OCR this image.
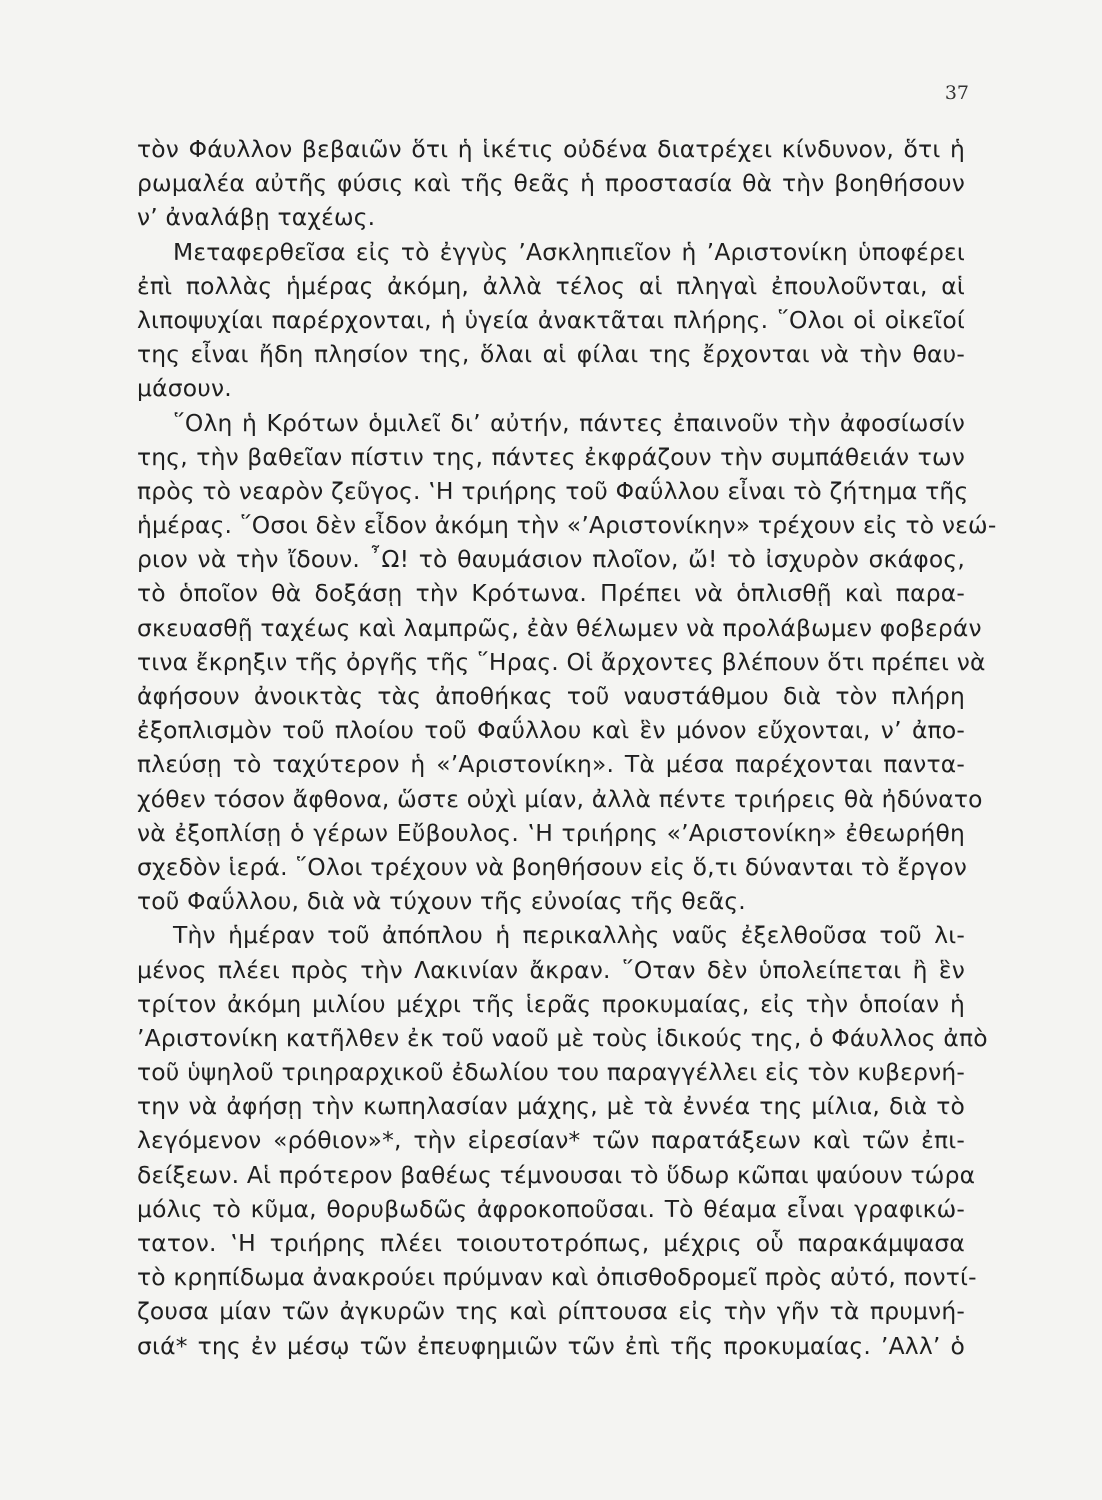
37
τὸν Φάυλλον βεβαιῶν ὅτι ἡ ἱκέτις οὐδένα διατρέχει κίνδυνον, ὅτι ἡ
ρωμαλέα αὐτῆς φύσις καὶ τῆς θεᾶς ἡ προστασία θὰ τὴν βοηθήσουν
ν’ ἀναλάβῃ ταχέως.
Μεταφερθεῖσα εἰς τὸ ἐγγὺς ’Ασκληπιεῖον ἡ ’Αριστονίκη ὑποφέρει
ἐπὶ πολλὰς ἡμέρας ἀκόμη, ἀλλὰ τέλος αἱ πληγαὶ ἐπουλοῦνται, αἱ
λιποψυχίαι παρέρχονται, ἡ ὑγεία ἀνακτᾶται πλήρης. ῞Ολοι οἱ οἰκεῖοί
της εἶναι ἤδη πλησίον της, ὅλαι αἱ φίλαι της ἔρχονται νὰ τὴν θαυ-
μάσουν.
῞Ολη ἡ Κρότων ὁμιλεῖ δι’ αὐτήν, πάντες ἐπαινοῦν τὴν ἀφοσίωσίν
της, τὴν βαθεῖαν πίστιν της, πάντες ἐκφράζουν τὴν συμπάθειάν των
πρὸς τὸ νεαρὸν ζεῦγος. ‛Η τριήρης τοῦ Φαΰλλου εἶναι τὸ ζήτημα τῆς
ἡμέρας. ῞Οσοι δὲν εἶδον ἀκόμη τὴν «’Αριστονίκην» τρέχουν εἰς τὸ νεώ-
ριον νὰ τὴν ἴδουν. ῏Ω! τὸ θαυμάσιον πλοῖον, ὤ! τὸ ἰσχυρὸν σκάφος,
τὸ ὁποῖον θὰ δοξάσῃ τὴν Κρότωνα. Πρέπει νὰ ὁπλισθῇ καὶ παρα-
σκευασθῇ ταχέως καὶ λαμπρῶς, ἐὰν θέλωμεν νὰ προλάβωμεν φοβεράν
τινα ἔκρηξιν τῆς ὀργῆς τῆς ῞Ηρας. Οἱ ἄρχοντες βλέπουν ὅτι πρέπει νὰ
ἀφήσουν ἀνοικτὰς τὰς ἀποθήκας τοῦ ναυστάθμου διὰ τὸν πλήρη
ἐξοπλισμὸν τοῦ πλοίου τοῦ Φαΰλλου καὶ ἓν μόνον εὔχονται, ν’ ἀπο-
πλεύσῃ τὸ ταχύτερον ἡ «’Αριστονίκη». Τὰ μέσα παρέχονται παντα-
χόθεν τόσον ἄφθονα, ὥστε οὐχὶ μίαν, ἀλλὰ πέντε τριήρεις θὰ ἠδύνατο
νὰ ἐξοπλίσῃ ὁ γέρων Εὔβουλος. ‛Η τριήρης «’Αριστονίκη» ἐθεωρήθη
σχεδὸν ἱερά. ῞Ολοι τρέχουν νὰ βοηθήσουν εἰς ὅ,τι δύνανται τὸ ἔργον
τοῦ Φαΰλλου, διὰ νὰ τύχουν τῆς εὐνοίας τῆς θεᾶς.
Τὴν ἡμέραν τοῦ ἀπόπλου ἡ περικαλλὴς ναῦς ἐξελθοῦσα τοῦ λι-
μένος πλέει πρὸς τὴν Λακινίαν ἄκραν. ῞Οταν δὲν ὑπολείπεται ἢ ἓν
τρίτον ἀκόμη μιλίου μέχρι τῆς ἱερᾶς προκυμαίας, εἰς τὴν ὁποίαν ἡ
’Αριστονίκη κατῆλθεν ἐκ τοῦ ναοῦ μὲ τοὺς ἰδικούς της, ὁ Φάυλλος ἀπὸ
τοῦ ὑψηλοῦ τριηραρχικοῦ ἐδωλίου του παραγγέλλει εἰς τὸν κυβερνή-
την νὰ ἀφήσῃ τὴν κωπηλασίαν μάχης, μὲ τὰ ἐννέα της μίλια, διὰ τὸ
λεγόμενον «ρόθιον»*, τὴν εἰρεσίαν* τῶν παρατάξεων καὶ τῶν ἐπι-
δείξεων. Αἱ πρότερον βαθέως τέμνουσαι τὸ ὕδωρ κῶπαι ψαύουν τώρα
μόλις τὸ κῦμα, θορυβωδῶς ἀφροκοποῦσαι. Τὸ θέαμα εἶναι γραφικώ-
τατον. ‛Η τριήρης πλέει τοιουτοτρόπως, μέχρις οὗ παρακάμψασα
τὸ κρηπίδωμα ἀνακρούει πρύμναν καὶ ὀπισθοδρομεῖ πρὸς αὐτό, ποντί-
ζουσα μίαν τῶν ἀγκυρῶν της καὶ ρίπτουσα εἰς τὴν γῆν τὰ πρυμνή-
σιά* της ἐν μέσῳ τῶν ἐπευφημιῶν τῶν ἐπὶ τῆς προκυμαίας. ’Αλλ’ ὁ
